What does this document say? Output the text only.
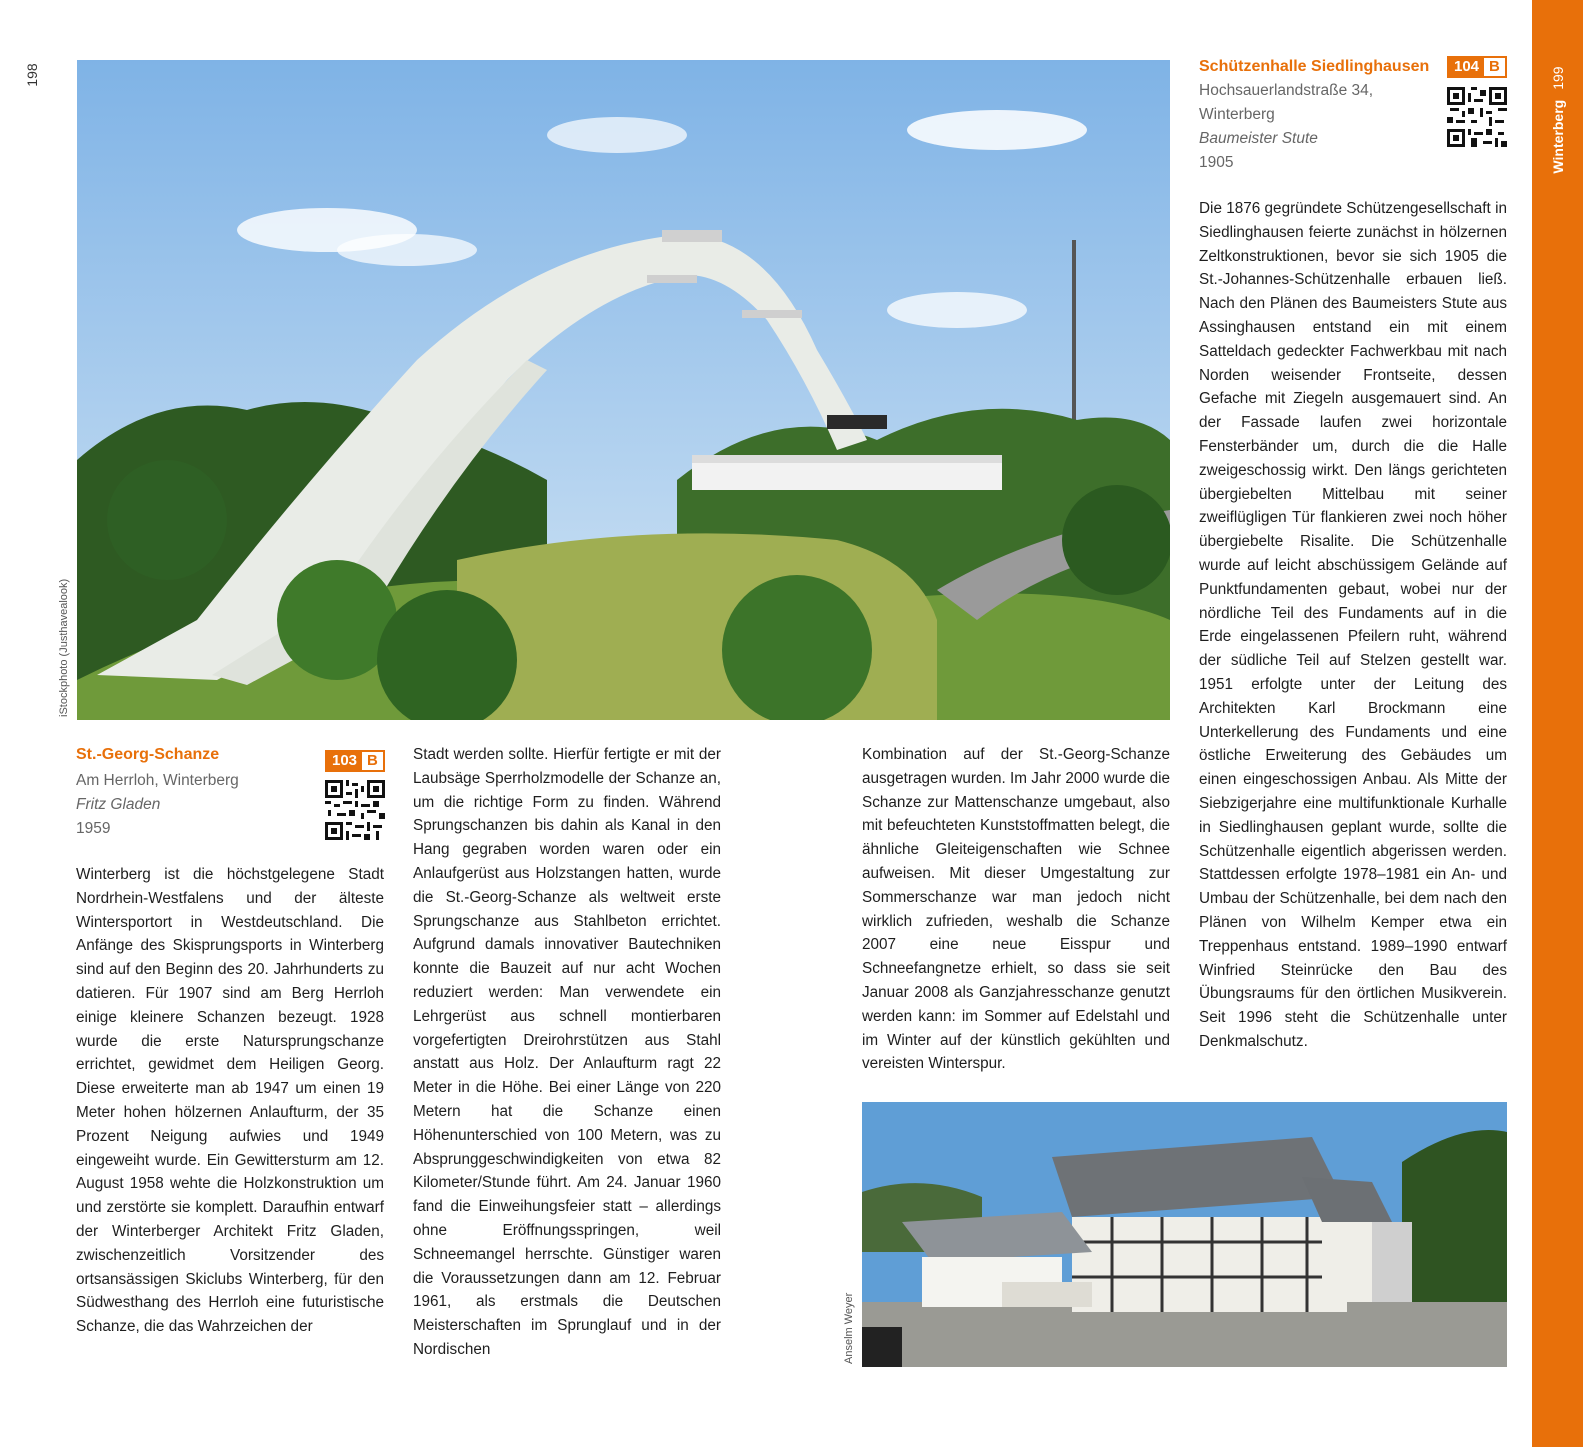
198
Winterberg199
iStockphoto (Justhavealook)
St.-Georg-Schanze	103 B
Am Herrloh, Winterberg
Fritz Gladen
1959
Winterberg ist die höchstgelegene Stadt Nordrhein-Westfalens und der älteste Wintersportort in Westdeutschland. Die Anfänge des Skisprungsports in Winterberg sind auf den Beginn des 20. Jahrhunderts zu datieren. Für 1907 sind am Berg Herrloh einige kleinere Schanzen bezeugt. 1928 wurde die erste Natursprungschanze errichtet, gewidmet dem Heiligen Georg. Diese erweiterte man ab 1947 um einen 19 Meter hohen hölzernen Anlaufturm, der 35 Prozent Neigung aufwies und 1949 eingeweiht wurde. Ein Gewittersturm am 12. August 1958 wehte die Holzkonstruktion um und zerstörte sie komplett. Daraufhin entwarf der Winterberger Architekt Fritz Gladen, zwischenzeitlich Vorsitzender des ortsansässigen Skiclubs Winterberg, für den Südwesthang des Herrloh eine futuristische Schanze, die das Wahrzeichen der
Stadt werden sollte. Hierfür fertigte er mit der Laubsäge Sperrholzmodelle der Schanze an, um die richtige Form zu finden. Während Sprungschanzen bis dahin als Kanal in den Hang gegraben worden waren oder ein Anlaufgerüst aus Holzstangen hatten, wurde die St.-Georg-Schanze als weltweit erste Sprungschanze aus Stahlbeton errichtet. Aufgrund damals innovativer Bautechniken konnte die Bauzeit auf nur acht Wochen reduziert werden: Man verwendete ein Lehrgerüst aus schnell montierbaren vorgefertigten Dreirohrstützen aus Stahl anstatt aus Holz. Der Anlaufturm ragt 22 Meter in die Höhe. Bei einer Länge von 220 Metern hat die Schanze einen Höhenunterschied von 100 Metern, was zu Absprunggeschwindigkeiten von etwa 82 Kilometer/Stunde führt. Am 24. Januar 1960 fand die Einweihungsfeier statt – allerdings ohne Eröffnungsspringen, weil Schneemangel herrschte. Günstiger waren die Voraussetzungen dann am 12. Februar 1961, als erstmals die Deutschen Meisterschaften im Sprunglauf und in der Nordischen
Kombination auf der St.-Georg-Schanze ausgetragen wurden. Im Jahr 2000 wurde die Schanze zur Mattenschanze umgebaut, also mit befeuchteten Kunststoffmatten belegt, die ähnliche Gleiteigenschaften wie Schnee aufweisen. Mit dieser Umgestaltung zur Sommerschanze war man jedoch nicht wirklich zufrieden, weshalb die Schanze 2007 eine neue Eisspur und Schneefangnetze erhielt, so dass sie seit Januar 2008 als Ganzjahresschanze genutzt werden kann: im Sommer auf Edelstahl und im Winter auf der künstlich gekühlten und vereisten Winterspur.
Anselm Weyer
Schützenhalle Siedlinghausen	104 B
Hochsauerlandstraße 34,
Winterberg
Baumeister Stute
1905
Die 1876 gegründete Schützengesellschaft in Siedlinghausen feierte zunächst in hölzernen Zeltkonstruktionen, bevor sie sich 1905 die St.-Johannes-Schützenhalle erbauen ließ. Nach den Plänen des Baumeisters Stute aus Assinghausen entstand ein mit einem Satteldach gedeckter Fachwerkbau mit nach Norden weisender Frontseite, dessen Gefache mit Ziegeln ausgemauert sind. An der Fassade laufen zwei horizontale Fensterbänder um, durch die die Halle zweigeschossig wirkt. Den längs gerichteten übergiebelten Mittelbau mit seiner zweiflügligen Tür flankieren zwei noch höher übergiebelte Risalite. Die Schützenhalle wurde auf leicht abschüssigem Gelände auf Punktfundamenten gebaut, wobei nur der nördliche Teil des Fundaments auf in die Erde eingelassenen Pfeilern ruht, während der südliche Teil auf Stelzen gestellt war. 1951 erfolgte unter der Leitung des Architekten Karl Brockmann eine Unterkellerung des Fundaments und eine östliche Erweiterung des Gebäudes um einen eingeschossigen Anbau. Als Mitte der Siebzigerjahre eine multifunktionale Kurhalle in Siedlinghausen geplant wurde, sollte die Schützenhalle eigentlich abgerissen werden. Stattdessen erfolgte 1978–1981 ein An- und Umbau der Schützenhalle, bei dem nach den Plänen von Wilhelm Kemper etwa ein Treppenhaus entstand. 1989–1990 entwarf Winfried Steinrücke den Bau des Übungsraums für den örtlichen Musikverein. Seit 1996 steht die Schützenhalle unter Denkmalschutz.
